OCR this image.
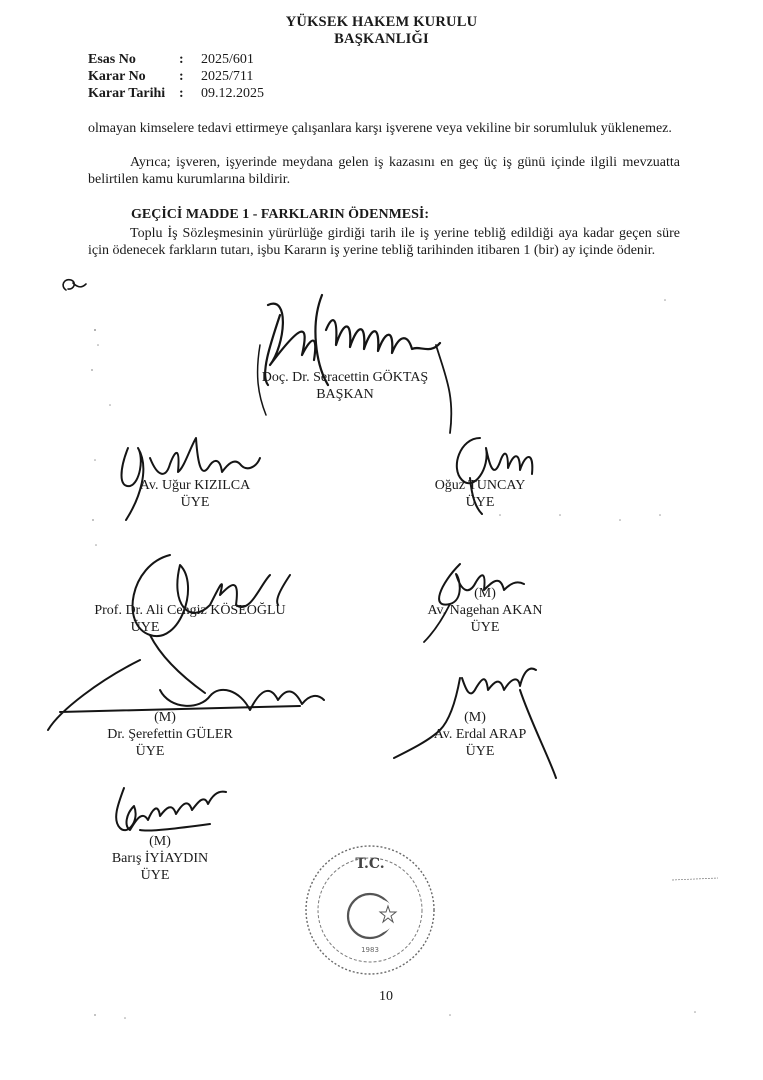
YÜKSEK HAKEM KURULU
BAŞKANLIĞI
Esas No	: 2025/601
Karar No : 2025/711
Karar Tarihi : 09.12.2025
olmayan kimselere tedavi ettirmeye çalışanlara karşı işverene veya vekiline bir sorumluluk yüklenemez.
Ayrıca; işveren, işyerinde meydana gelen iş kazasını en geç üç iş günü içinde ilgili mevzuatta belirtilen kamu kurumlarına bildirir.
GEÇİCİ MADDE 1 - FARKLARIN ÖDENMESİ:
Toplu İş Sözleşmesinin yürürlüğe girdiği tarih ile iş yerine tebliğ edildiği aya kadar geçen süre için ödenecek farkların tutarı, işbu Kararın iş yerine tebliğ tarihinden itibaren 1 (bir) ay içinde ödenir.
Doç. Dr. Seracettin GÖKTAŞ
BAŞKAN
Av. Uğur KIZILCA
ÜYE
Oğuz TUNCAY
ÜYE
Prof. Dr. Ali Cengiz KÖSEOĞLU
ÜYE
(M)
Av. Nagehan AKAN
ÜYE
(M)
Dr. Şerefettin GÜLER
ÜYE
(M)
Av. Erdal ARAP
ÜYE
(M)
Barış İYİAYDIN
ÜYE
T.C.
1983
10
